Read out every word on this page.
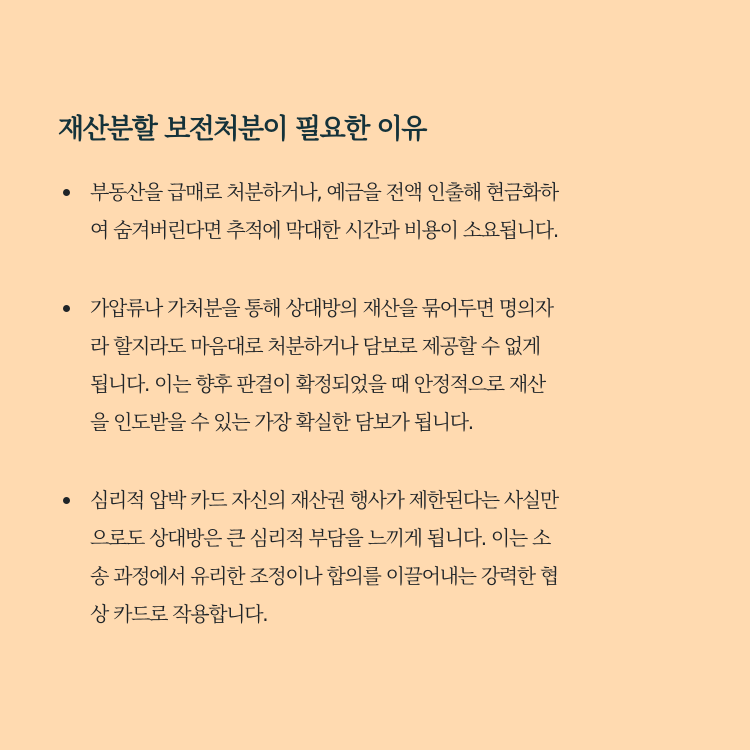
재산분할 보전처분이 필요한 이유
부동산을 급매로 처분하거나, 예금을 전액 인출해 현금화하
여 숨겨버린다면 추적에 막대한 시간과 비용이 소요됩니다.
가압류나 가처분을 통해 상대방의 재산을 묶어두면 명의자
라 할지라도 마음대로 처분하거나 담보로 제공할 수 없게
됩니다. 이는 향후 판결이 확정되었을 때 안정적으로 재산
을 인도받을 수 있는 가장 확실한 담보가 됩니다.
심리적 압박 카드 자신의 재산권 행사가 제한된다는 사실만
으로도 상대방은 큰 심리적 부담을 느끼게 됩니다. 이는 소
송 과정에서 유리한 조정이나 합의를 이끌어내는 강력한 협
상 카드로 작용합니다.
